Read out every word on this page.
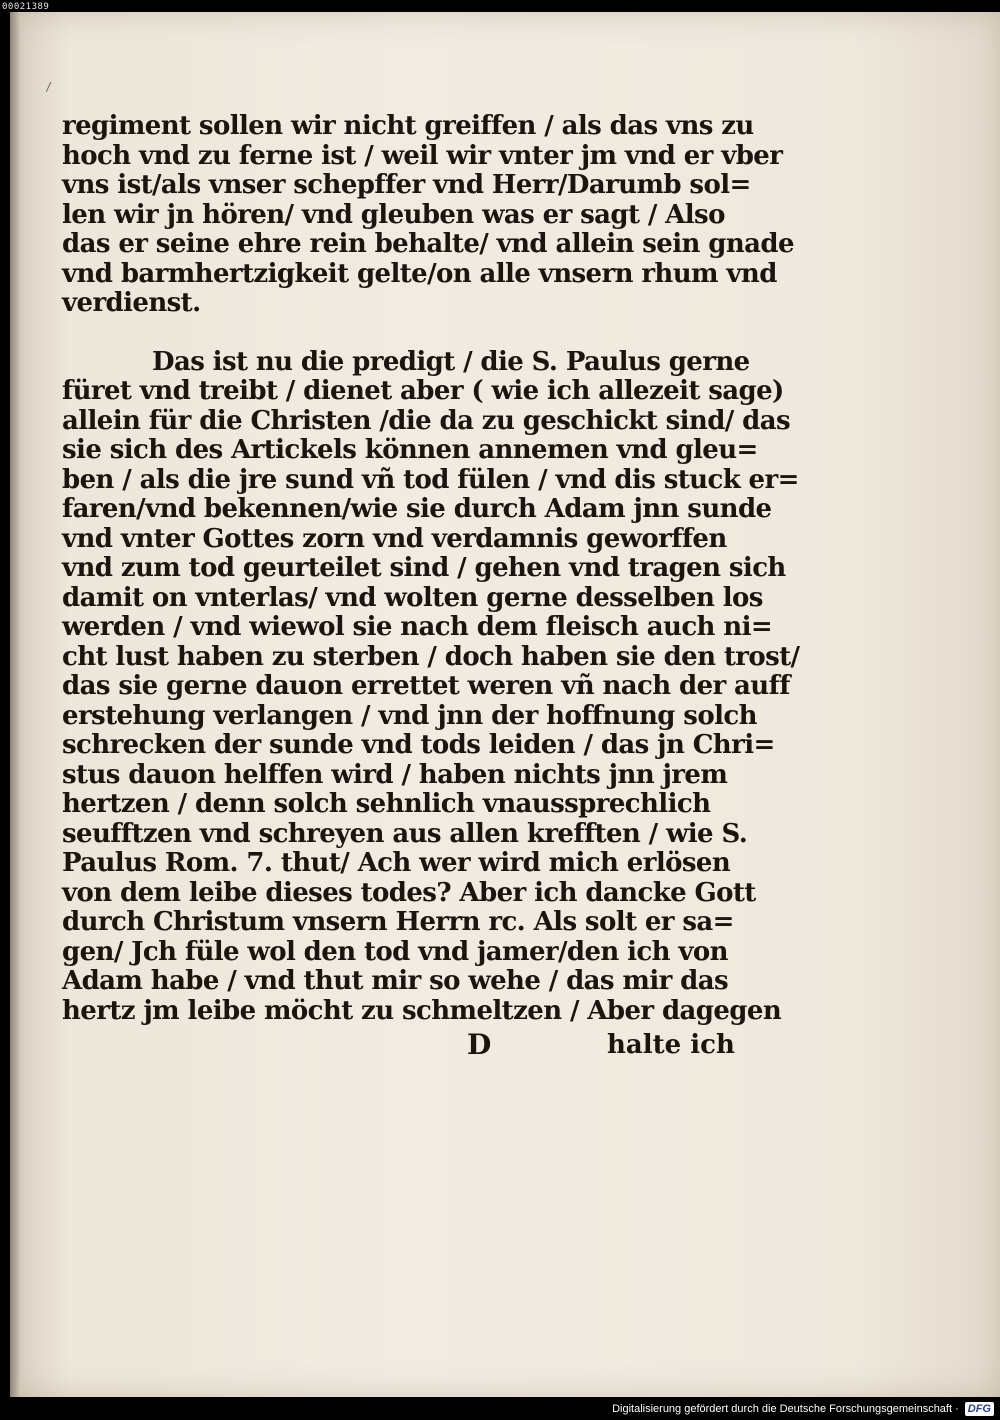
00021389
regiment sollen wir nicht greiffen / als das vns zu
hoch vnd zu ferne ist / weil wir vnter jm vnd er vber
vns ist/als vnser schepffer vnd Herr/Darumb sol=
len wir jn hören/ vnd gleuben was er sagt / Also
das er seine ehre rein behalte/ vnd allein sein gnade
vnd barmhertzigkeit gelte/on alle vnsern rhum vnd
verdienst.
Das ist nu die predigt / die S. Paulus gerne
füret vnd treibt / dienet aber ( wie ich allezeit sage)
allein für die Christen /die da zu geschickt sind/ das
sie sich des Artickels können annemen vnd gleu=
ben / als die jre sund vñ tod fülen / vnd dis stuck er=
faren/vnd bekennen/wie sie durch Adam jnn sunde
vnd vnter Gottes zorn vnd verdamnis geworffen
vnd zum tod geurteilet sind / gehen vnd tragen sich
damit on vnterlas/ vnd wolten gerne desselben los
werden / vnd wiewol sie nach dem fleisch auch ni=
cht lust haben zu sterben / doch haben sie den trost/
das sie gerne dauon errettet weren vñ nach der auff
erstehung verlangen / vnd jnn der hoffnung solch
schrecken der sunde vnd tods leiden / das jn Chri=
stus dauon helffen wird / haben nichts jnn jrem
hertzen / denn solch sehnlich vnaussprechlich
seufftzen vnd schreyen aus allen krefften / wie S.
Paulus Rom. 7. thut/ Ach wer wird mich erlösen
von dem leibe dieses todes? Aber ich dancke Gott
durch Christum vnsern Herrn rc. Als solt er sa=
gen/ Jch füle wol den tod vnd jamer/den ich von
Adam habe / vnd thut mir so wehe / das mir das
hertz jm leibe möcht zu schmeltzen / Aber dagegen
D	halte ich
Digitalisierung gefördert durch die Deutsche Forschungsgemeinschaft · DFG
